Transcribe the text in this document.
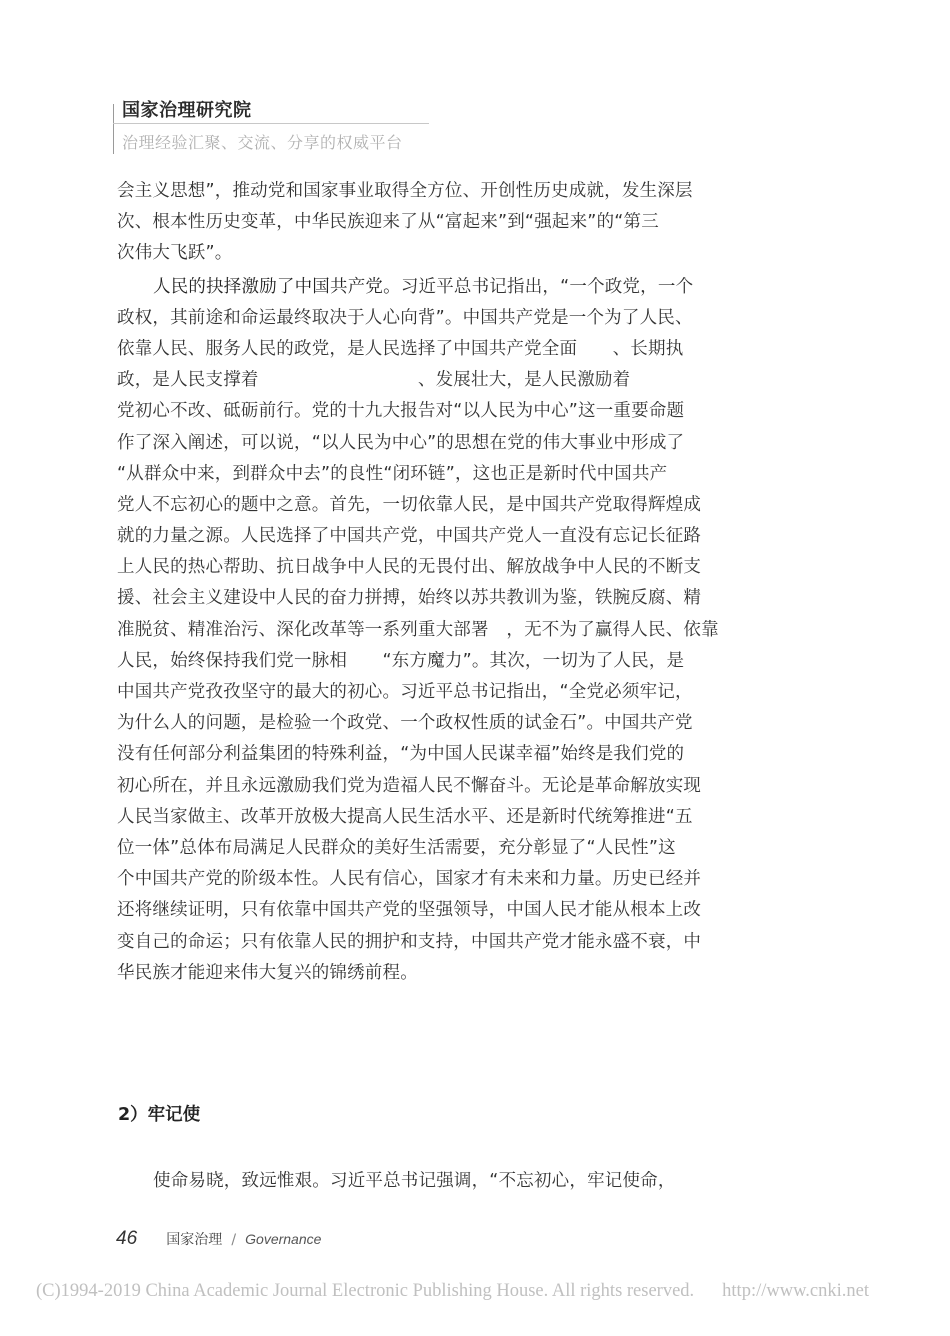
国家治理研究院
治理经验汇聚、交流、分享的权威平台
会主义思想”，推动党和国家事业取得全方位、开创性历史成就，发生深层
次、根本性历史变革，中华民族迎来了从“富起来”到“强起来”的“第三
次伟大飞跃”。
人民的抉择激励了中国共产党。习近平总书记指出，“一个政党，一个
政权，其前途和命运最终取决于人心向背”。中国共产党是一个为了人民、
依靠人民、服务人民的政党，是人民选择了中国共产党全面　　、长期执
政，是人民支撑着　　　　　　　　　、发展壮大，是人民激励着
党初心不改、砥砺前行。党的十九大报告对“以人民为中心”这一重要命题
作了深入阐述，可以说，“以人民为中心”的思想在党的伟大事业中形成了
“从群众中来，到群众中去”的良性“闭环链”，这也正是新时代中国共产
党人不忘初心的题中之意。首先，一切依靠人民，是中国共产党取得辉煌成
就的力量之源。人民选择了中国共产党，中国共产党人一直没有忘记长征路
上人民的热心帮助、抗日战争中人民的无畏付出、解放战争中人民的不断支
援、社会主义建设中人民的奋力拼搏，始终以苏共教训为鉴，铁腕反腐、精
准脱贫、精准治污、深化改革等一系列重大部署　，无不为了赢得人民、依靠
人民，始终保持我们党一脉相　　“东方魔力”。其次，一切为了人民，是
中国共产党孜孜坚守的最大的初心。习近平总书记指出，“全党必须牢记，
为什么人的问题，是检验一个政党、一个政权性质的试金石”。中国共产党
没有任何部分利益集团的特殊利益，“为中国人民谋幸福”始终是我们党的
初心所在，并且永远激励我们党为造福人民不懈奋斗。无论是革命解放实现
人民当家做主、改革开放极大提高人民生活水平、还是新时代统筹推进“五
位一体”总体布局满足人民群众的美好生活需要，充分彰显了“人民性”这
个中国共产党的阶级本性。人民有信心，国家才有未来和力量。历史已经并
还将继续证明，只有依靠中国共产党的坚强领导，中国人民才能从根本上改
变自己的命运；只有依靠人民的拥护和支持，中国共产党才能永盛不衰，中
华民族才能迎来伟大复兴的锦绣前程。
2）牢记使
使命易晓，致远惟艰。习近平总书记强调，“不忘初心，牢记使命，
46 国家治理 / Governance
(C)1994-2019 China Academic Journal Electronic Publishing House. All rights reserved. http://www.cnki.net
